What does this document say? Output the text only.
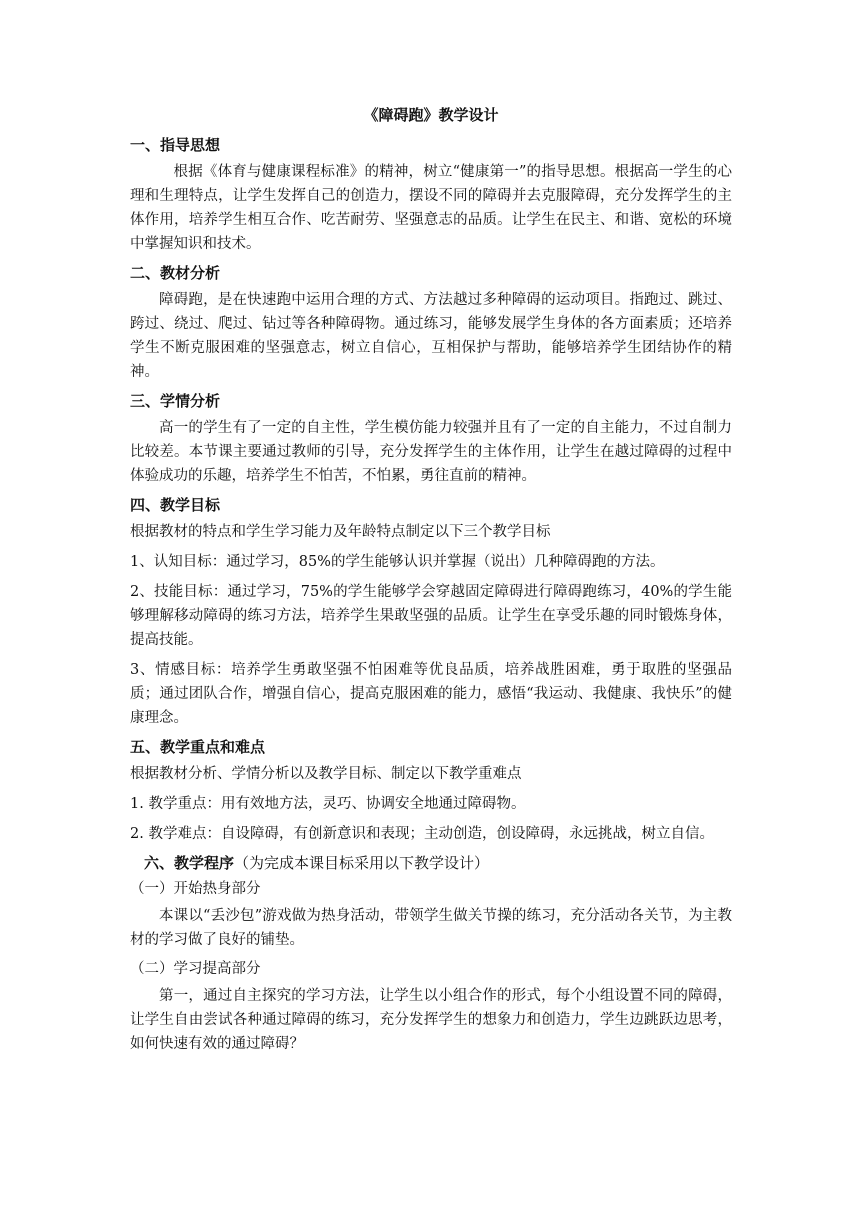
《障碍跑》教学设计
一、指导思想

根据《体育与健康课程标准》的精神，树立“健康第一”的指导思想。根据高一学生的心理和生理特点，让学生发挥自己的创造力，摆设不同的障碍并去克服障碍，充分发挥学生的主体作用，培养学生相互合作、吃苦耐劳、坚强意志的品质。让学生在民主、和谐、宽松的环境中掌握知识和技术。

二、教材分析

障碍跑，是在快速跑中运用合理的方式、方法越过多种障碍的运动项目。指跑过、跳过、跨过、绕过、爬过、钻过等各种障碍物。通过练习，能够发展学生身体的各方面素质；还培养学生不断克服困难的坚强意志，树立自信心，互相保护与帮助，能够培养学生团结协作的精神。

三、学情分析

高一的学生有了一定的自主性，学生模仿能力较强并且有了一定的自主能力，不过自制力比较差。本节课主要通过教师的引导，充分发挥学生的主体作用，让学生在越过障碍的过程中体验成功的乐趣，培养学生不怕苦，不怕累，勇往直前的精神。

四、教学目标

根据教材的特点和学生学习能力及年龄特点制定以下三个教学目标

1、认知目标：通过学习，85%的学生能够认识并掌握（说出）几种障碍跑的方法。

2、技能目标：通过学习，75%的学生能够学会穿越固定障碍进行障碍跑练习，40%的学生能够理解移动障碍的练习方法，培养学生果敢坚强的品质。让学生在享受乐趣的同时锻炼身体，提高技能。

3、情感目标：培养学生勇敢坚强不怕困难等优良品质，培养战胜困难，勇于取胜的坚强品质；通过团队合作，增强自信心，提高克服困难的能力，感悟“我运动、我健康、我快乐”的健康理念。

五、教学重点和难点

根据教材分析、学情分析以及教学目标、制定以下教学重难点

1. 教学重点：用有效地方法，灵巧、协调安全地通过障碍物。

2. 教学难点：自设障碍，有创新意识和表现；主动创造，创设障碍，永远挑战，树立自信。

六、教学程序（为完成本课目标采用以下教学设计）
（一）开始热身部分

本课以“丢沙包”游戏做为热身活动，带领学生做关节操的练习，充分活动各关节，为主教材的学习做了良好的铺垫。

（二）学习提高部分

第一，通过自主探究的学习方法，让学生以小组合作的形式，每个小组设置不同的障碍，让学生自由尝试各种通过障碍的练习，充分发挥学生的想象力和创造力，学生边跳跃边思考，如何快速有效的通过障碍？
